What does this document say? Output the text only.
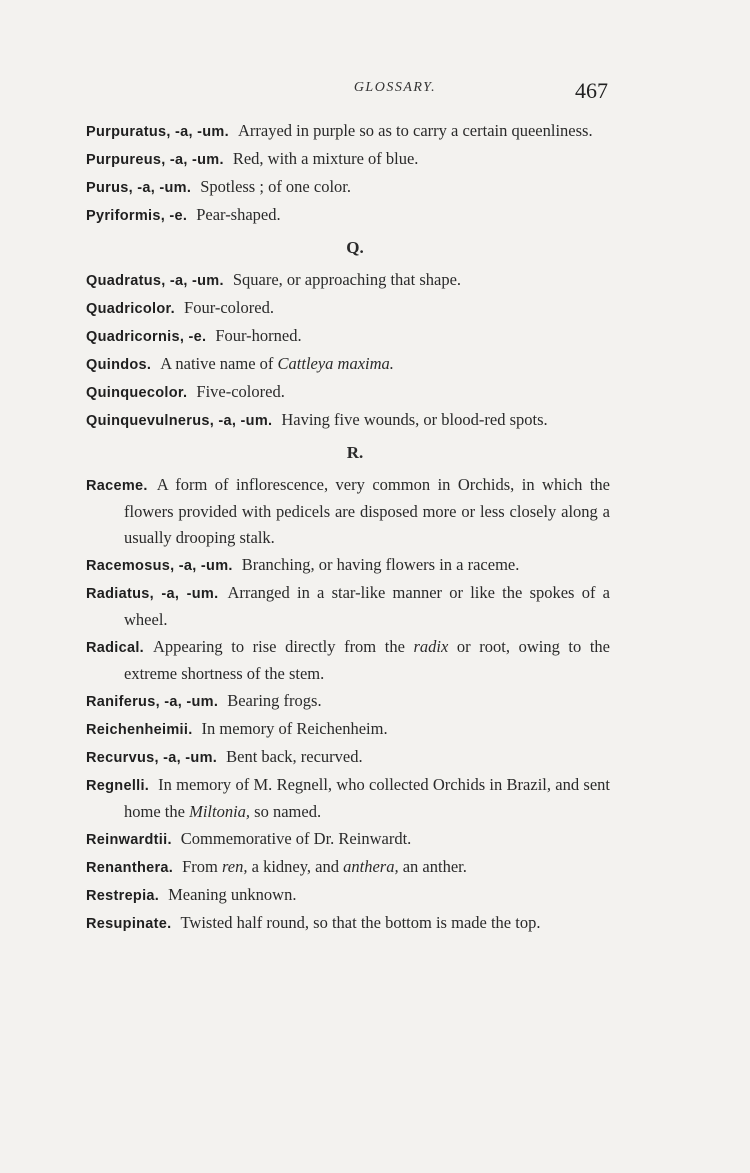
GLOSSARY.	467
Purpuratus, -a, -um. Arrayed in purple so as to carry a certain queenliness.
Purpureus, -a, -um. Red, with a mixture of blue.
Purus, -a, -um. Spotless ; of one color.
Pyriformis, -e. Pear-shaped.
Q.
Quadratus, -a, -um. Square, or approaching that shape.
Quadricolor. Four-colored.
Quadricornis, -e. Four-horned.
Quindos. A native name of Cattleya maxima.
Quinquecolor. Five-colored.
Quinquevulnerus, -a, -um. Having five wounds, or blood-red spots.
R.
Raceme. A form of inflorescence, very common in Orchids, in which the flowers provided with pedicels are disposed more or less closely along a usually drooping stalk.
Racemosus, -a, -um. Branching, or having flowers in a raceme.
Radiatus, -a, -um. Arranged in a star-like manner or like the spokes of a wheel.
Radical. Appearing to rise directly from the radix or root, owing to the extreme shortness of the stem.
Raniferus, -a, -um. Bearing frogs.
Reichenheimii. In memory of Reichenheim.
Recurvus, -a, -um. Bent back, recurved.
Regnelli. In memory of M. Regnell, who collected Orchids in Brazil, and sent home the Miltonia, so named.
Reinwardtii. Commemorative of Dr. Reinwardt.
Renanthera. From ren, a kidney, and anthera, an anther.
Restrepia. Meaning unknown.
Resupinate. Twisted half round, so that the bottom is made the top.
